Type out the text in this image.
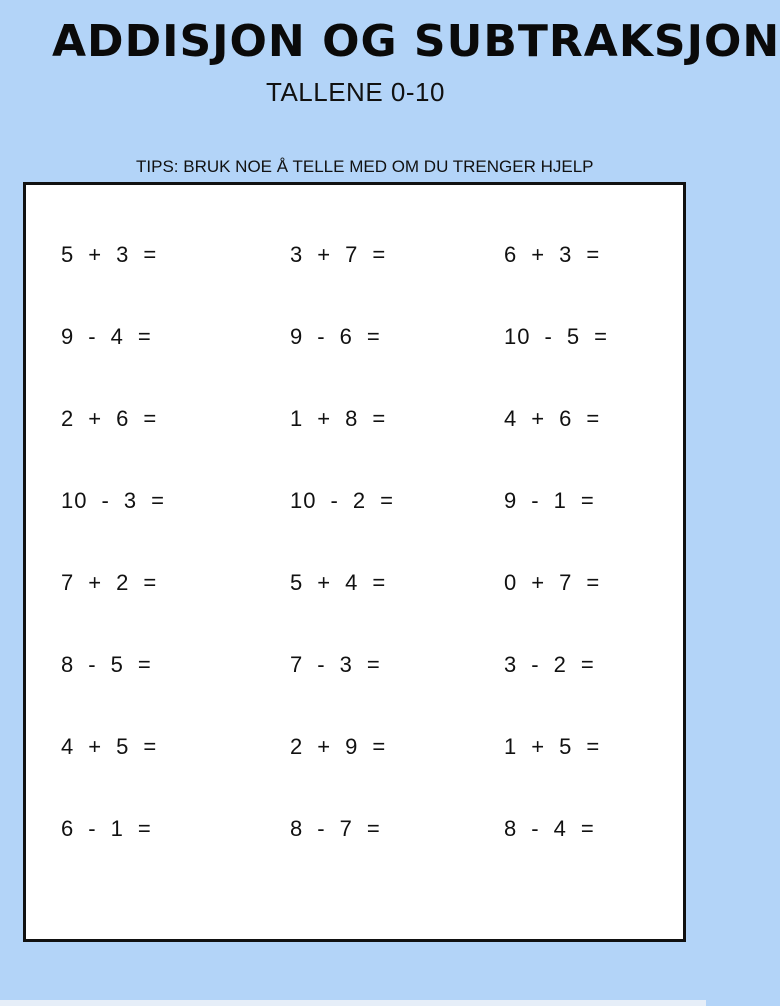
ADDISJON OG SUBTRAKSJON
TALLENE 0-10
TIPS: BRUK NOE Å TELLE MED OM DU TRENGER HJELP
5 + 3 =	3 + 7 =	6 + 3 =
9 - 4 =	9 - 6 =	10 - 5 =
2 + 6 =	1 + 8 =	4 + 6 =
10 - 3 =	10 - 2 =	9 - 1 =
7 + 2 =	5 + 4 =	0 + 7 =
8 - 5 =	7 - 3 =	3 - 2 =
4 + 5 =	2 + 9 =	1 + 5 =
6 - 1 =	8 - 7 =	8 - 4 =
